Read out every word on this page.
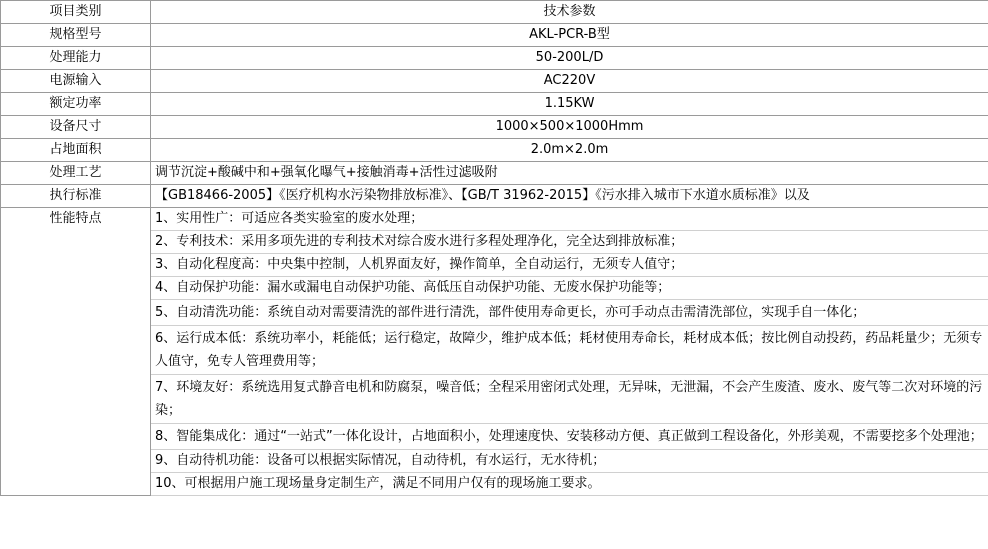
项目类别	技术参数
规格型号	AKL-PCR-B型
处理能力	50-200L/D
电源输入	AC220V
额定功率	1.15KW
设备尺寸	1000×500×1000Hmm
占地面积	2.0m×2.0m
处理工艺	调节沉淀+酸碱中和+强氧化曝气+接触消毒+活性过滤吸附
执行标准	【GB18466-2005】《医疗机构水污染物排放标准》、【GB/T 31962-2015】《污水排入城市下水道水质标准》以及
性能特点	1、实用性广：可适应各类实验室的废水处理；
	2、专利技术：采用多项先进的专利技术对综合废水进行多程处理净化，完全达到排放标准；
	3、自动化程度高：中央集中控制，人机界面友好，操作简单，全自动运行，无须专人值守；
	4、自动保护功能：漏水或漏电自动保护功能、高低压自动保护功能、无废水保护功能等；
	5、自动清洗功能：系统自动对需要清洗的部件进行清洗，部件使用寿命更长，亦可手动点击需清洗部位，实现手自一体化；
	6、运行成本低：系统功率小，耗能低；运行稳定，故障少，维护成本低；耗材使用寿命长，耗材成本低；按比例自动投药，药品耗量少；无须专人值守，免专人管理费用等；
	7、环境友好：系统选用复式静音电机和防腐泵，噪音低；全程采用密闭式处理，无异味，无泄漏，不会产生废渣、废水、废气等二次对环境的污染；
	8、智能集成化：通过“一站式”一体化设计，占地面积小，处理速度快、安装移动方便、真正做到工程设备化，外形美观，不需要挖多个处理池；
	9、自动待机功能：设备可以根据实际情况，自动待机，有水运行，无水待机；
	10、可根据用户施工现场量身定制生产，满足不同用户仅有的现场施工要求。
